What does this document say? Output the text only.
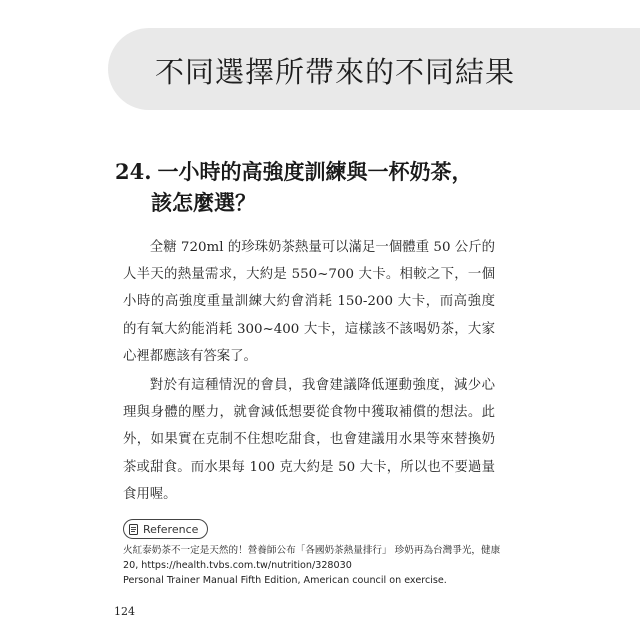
不同選擇所帶來的不同結果
24. 一小時的高強度訓練與一杯奶茶，
該怎麼選？

全糖 720ml 的珍珠奶茶熱量可以滿足一個體重 50 公斤的人半天的熱量需求，大約是 550~700 大卡。相較之下，一個小時的高強度重量訓練大約會消耗 150-200 大卡，而高強度的有氧大約能消耗 300~400 大卡，這樣該不該喝奶茶，大家心裡都應該有答案了。

對於有這種情況的會員，我會建議降低運動強度，減少心理與身體的壓力，就會減低想要從食物中獲取補償的想法。此外，如果實在克制不住想吃甜食，也會建議用水果等來替換奶茶或甜食。而水果每 100 克大約是 50 大卡，所以也不要過量食用喔。

Reference
火紅泰奶茶不一定是天然的！營養師公布「各國奶茶熱量排行」 珍奶再為台灣爭光，健康 20, https://health.tvbs.com.tw/nutrition/328030
Personal Trainer Manual Fifth Edition, American council on exercise.
124
